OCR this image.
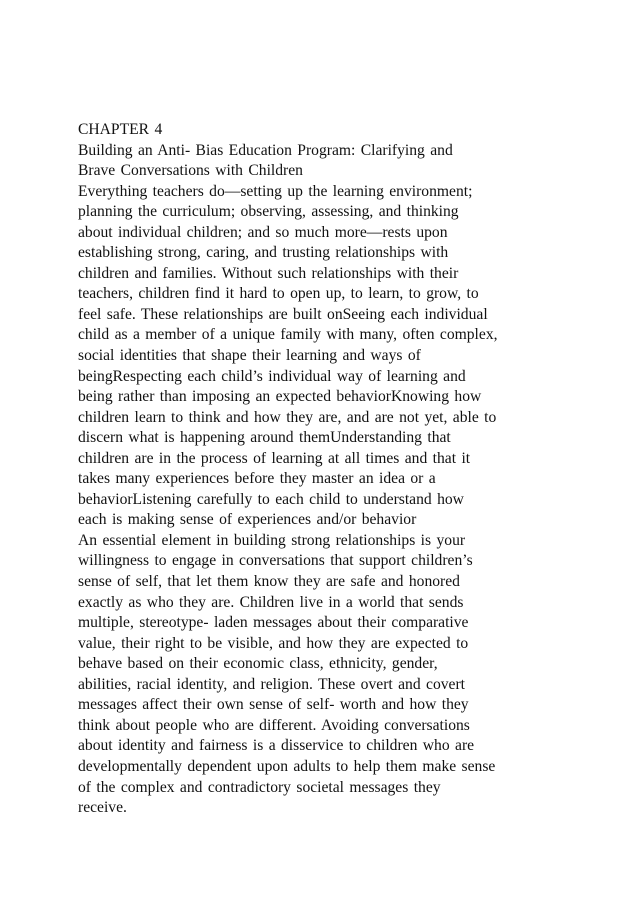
CHAPTER 4
Building an Anti- Bias Education Program: Clarifying and
Brave Conversations with Children
Everything teachers do—setting up the learning environment;
planning the curriculum; observing, assessing, and thinking
about individual children; and so much more—rests upon
establishing strong, caring, and trusting relationships with
children and families. Without such relationships with their
teachers, children find it hard to open up, to learn, to grow, to
feel safe. These relationships are built onSeeing each individual
child as a member of a unique family with many, often complex,
social identities that shape their learning and ways of
beingRespecting each child’s individual way of learning and
being rather than imposing an expected behaviorKnowing how
children learn to think and how they are, and are not yet, able to
discern what is happening around themUnderstanding that
children are in the process of learning at all times and that it
takes many experiences before they master an idea or a
behaviorListening carefully to each child to understand how
each is making sense of experiences and/or behavior
An essential element in building strong relationships is your
willingness to engage in conversations that support children’s
sense of self, that let them know they are safe and honored
exactly as who they are. Children live in a world that sends
multiple, stereotype- laden messages about their comparative
value, their right to be visible, and how they are expected to
behave based on their economic class, ethnicity, gender,
abilities, racial identity, and religion. These overt and covert
messages affect their own sense of self- worth and how they
think about people who are different. Avoiding conversations
about identity and fairness is a disservice to children who are
developmentally dependent upon adults to help them make sense
of the complex and contradictory societal messages they
receive.
